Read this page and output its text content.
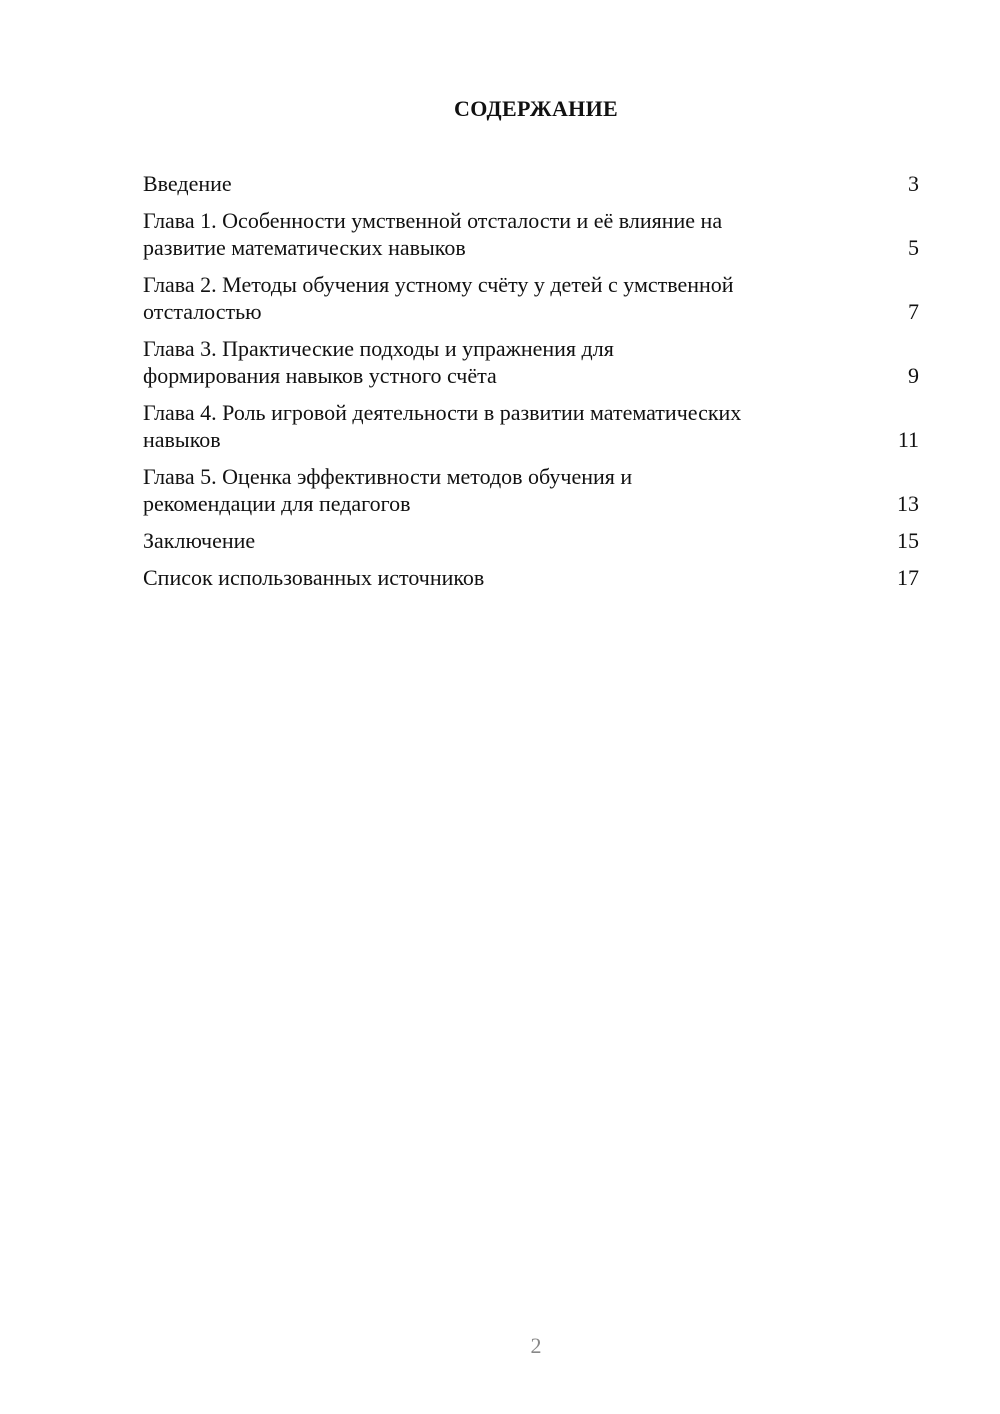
СОДЕРЖАНИЕ
Введение	3
Глава 1. Особенности умственной отсталости и её влияние на
развитие математических навыков	5
Глава 2. Методы обучения устному счёту у детей с умственной
отсталостью	7
Глава 3. Практические подходы и упражнения для
формирования навыков устного счёта	9
Глава 4. Роль игровой деятельности в развитии математических
навыков	11
Глава 5. Оценка эффективности методов обучения и
рекомендации для педагогов	13
Заключение	15
Список использованных источников	17
2
